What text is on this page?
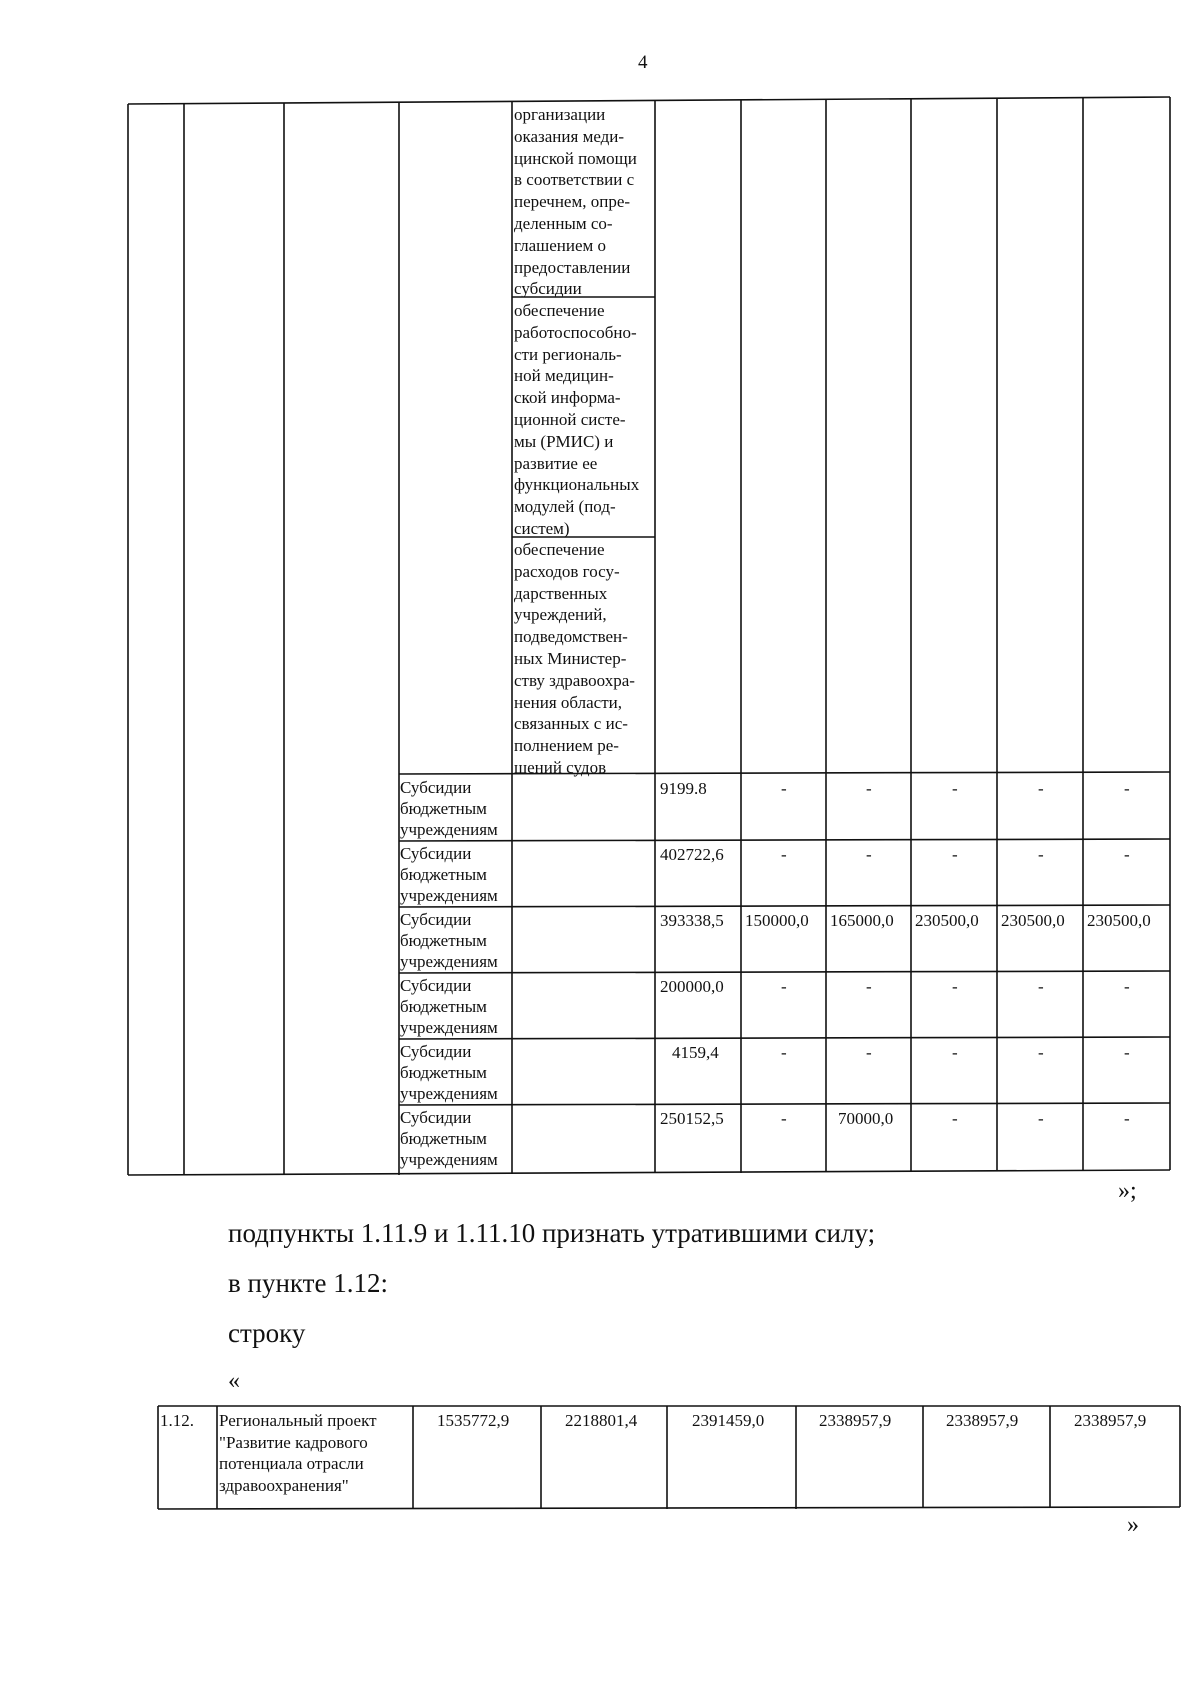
4
организации
оказания меди-
цинской помощи
в соответствии с
перечнем, опре-
деленным со-
глашением о
предоставлении
субсидии
обеспечение
работоспособно-
сти региональ-
ной медицин-
ской информа-
ционной систе-
мы (РМИС) и
развитие ее
функциональных
модулей (под-
систем)
обеспечение
расходов госу-
дарственных
учреждений,
подведомствен-
ных Министер-
ству здравоохра-
нения области,
связанных с ис-
полнением ре-
шений судов
Субсидии
бюджетным
учреждениям
9199.8	-	-	-	-	-
Субсидии
бюджетным
учреждениям
402722,6	-	-	-	-	-
Субсидии
бюджетным
учреждениям
393338,5 150000,0 165000,0 230500,0 230500,0 230500,0
Субсидии
бюджетным
учреждениям
200000,0	-	-	-	-	-
Субсидии
бюджетным
учреждениям
4159,4	-	-	-	-	-
Субсидии
бюджетным
учреждениям
250152,5	-	70000,0	-	-	-
»;
подпункты 1.11.9 и 1.11.10 признать утратившими силу;
в пункте 1.12:
строку
«
1.12. Региональный проект
"Развитие кадрового
потенциала отрасли
здравоохранения"
1535772,9	2218801,4	2391459,0	2338957,9	2338957,9	2338957,9
»
